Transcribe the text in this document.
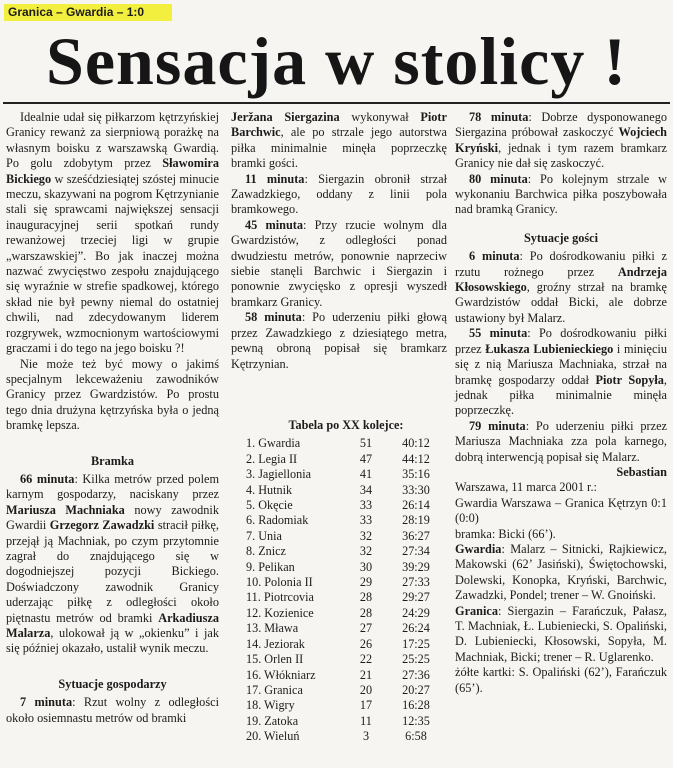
Granica – Gwardia – 1:0
Sensacja w stolicy !

Idealnie udał się piłkarzom kętrzyńskiej Granicy rewanż za sierpniową porażkę na własnym boisku z warszawską Gwardią. Po golu zdobytym przez Sławomira Bickiego w sześćdziesiątej szóstej minucie meczu, skazywani na pogrom Kętrzynianie stali się sprawcami największej sensacji inauguracyjnej serii spotkań rundy rewanżowej trzeciej ligi w grupie „warszawskiej”. Bo jak inaczej można nazwać zwycięstwo zespołu znajdującego się wyraźnie w strefie spadkowej, którego skład nie był pewny niemal do ostatniej chwili, nad zdecydowanym liderem rozgrywek, wzmocnionym wartościowymi graczami i do tego na jego boisku ?!

Nie może też być mowy o jakimś specjalnym lekceważeniu zawodników Granicy przez Gwardzistów. Po prostu tego dnia drużyna kętrzyńska była o jedną bramkę lepsza.

Bramka

66 minuta: Kilka metrów przed polem karnym gospodarzy, naciskany przez Mariusza Machniaka nowy zawodnik Gwardii Grzegorz Zawadzki stracił piłkę, przejął ją Machniak, po czym przytomnie zagrał do znajdującego się w dogodniejszej pozycji Bickiego. Doświadczony zawodnik Granicy uderzając piłkę z odległości około piętnastu metrów od bramki Arkadiusza Malarza, ulokował ją w „okienku” i jak się później okazało, ustalił wynik meczu.

Sytuacje gospodarzy

7 minuta: Rzut wolny z odległości około osiemnastu metrów od bramki

Jeržana Siergazina wykonywał Piotr Barchwic, ale po strzale jego autorstwa piłka minimalnie minęła poprzeczkę bramki gości.

11 minuta: Siergazin obronił strzał Zawadzkiego, oddany z linii pola bramkowego.

45 minuta: Przy rzucie wolnym dla Gwardzistów, z odległości ponad dwudziestu metrów, ponownie naprzeciw siebie stanęli Barchwic i Siergazin i ponownie zwycięsko z opresji wyszedł bramkarz Granicy.

58 minuta: Po uderzeniu piłki głową przez Zawadzkiego z dziesiątego metra, pewną obroną popisał się bramkarz Kętrzynian.

Tabela po XX kolejce:
1. Gwardia	51	40:12
2. Legia II	47	44:12
3. Jagiellonia	41	35:16
4. Hutnik	34	33:30
5. Okęcie	33	26:14
6. Radomiak	33	28:19
7. Unia	32	36:27
8. Znicz	32	27:34
9. Pelikan	30	39:29
10. Polonia II	29	27:33
11. Piotrcovia	28	29:27
12. Kozienice	28	24:29
13. Mława	27	26:24
14. Jeziorak	26	17:25
15. Orlen II	22	25:25
16. Włókniarz	21	27:36
17. Granica	20	20:27
18. Wigry	17	16:28
19. Zatoka	11	12:35
20. Wieluń	3	6:58

78 minuta: Dobrze dysponowanego Siergazina próbował zaskoczyć Wojciech Kryński, jednak i tym razem bramkarz Granicy nie dał się zaskoczyć.

80 minuta: Po kolejnym strzale w wykonaniu Barchwica piłka poszybowała nad bramką Granicy.

Sytuacje gości

6 minuta: Po dośrodkowaniu piłki z rzutu rożnego przez Andrzeja Kłosowskiego, groźny strzał na bramkę Gwardzistów oddał Bicki, ale dobrze ustawiony był Malarz.

55 minuta: Po dośrodkowaniu piłki przez Łukasza Lubienieckiego i minięciu się z nią Mariusza Machniaka, strzał na bramkę gospodarzy oddał Piotr Sopyła, jednak piłka minimalnie minęła poprzeczkę.

79 minuta: Po uderzeniu piłki przez Mariusza Machniaka zza pola karnego, dobrą interwencją popisał się Malarz.

Sebastian

Warszawa, 11 marca 2001 r.:

Gwardia Warszawa – Granica Kętrzyn 0:1 (0:0)

bramka: Bicki (66’).

Gwardia: Malarz – Sitnicki, Rajkiewicz, Makowski (62’ Jasiński), Świętochowski, Dolewski, Konopka, Kryński, Barchwic, Zawadzki, Pondel; trener – W. Gnoiński.

Granica: Siergazin – Farańczuk, Pałasz, T. Machniak, Ł. Lubieniecki, S. Opaliński, D. Lubieniecki, Kłosowski, Sopyła, M. Machniak, Bicki; trener – R. Uglarenko.

żółte kartki: S. Opaliński (62’), Farańczuk (65’).
